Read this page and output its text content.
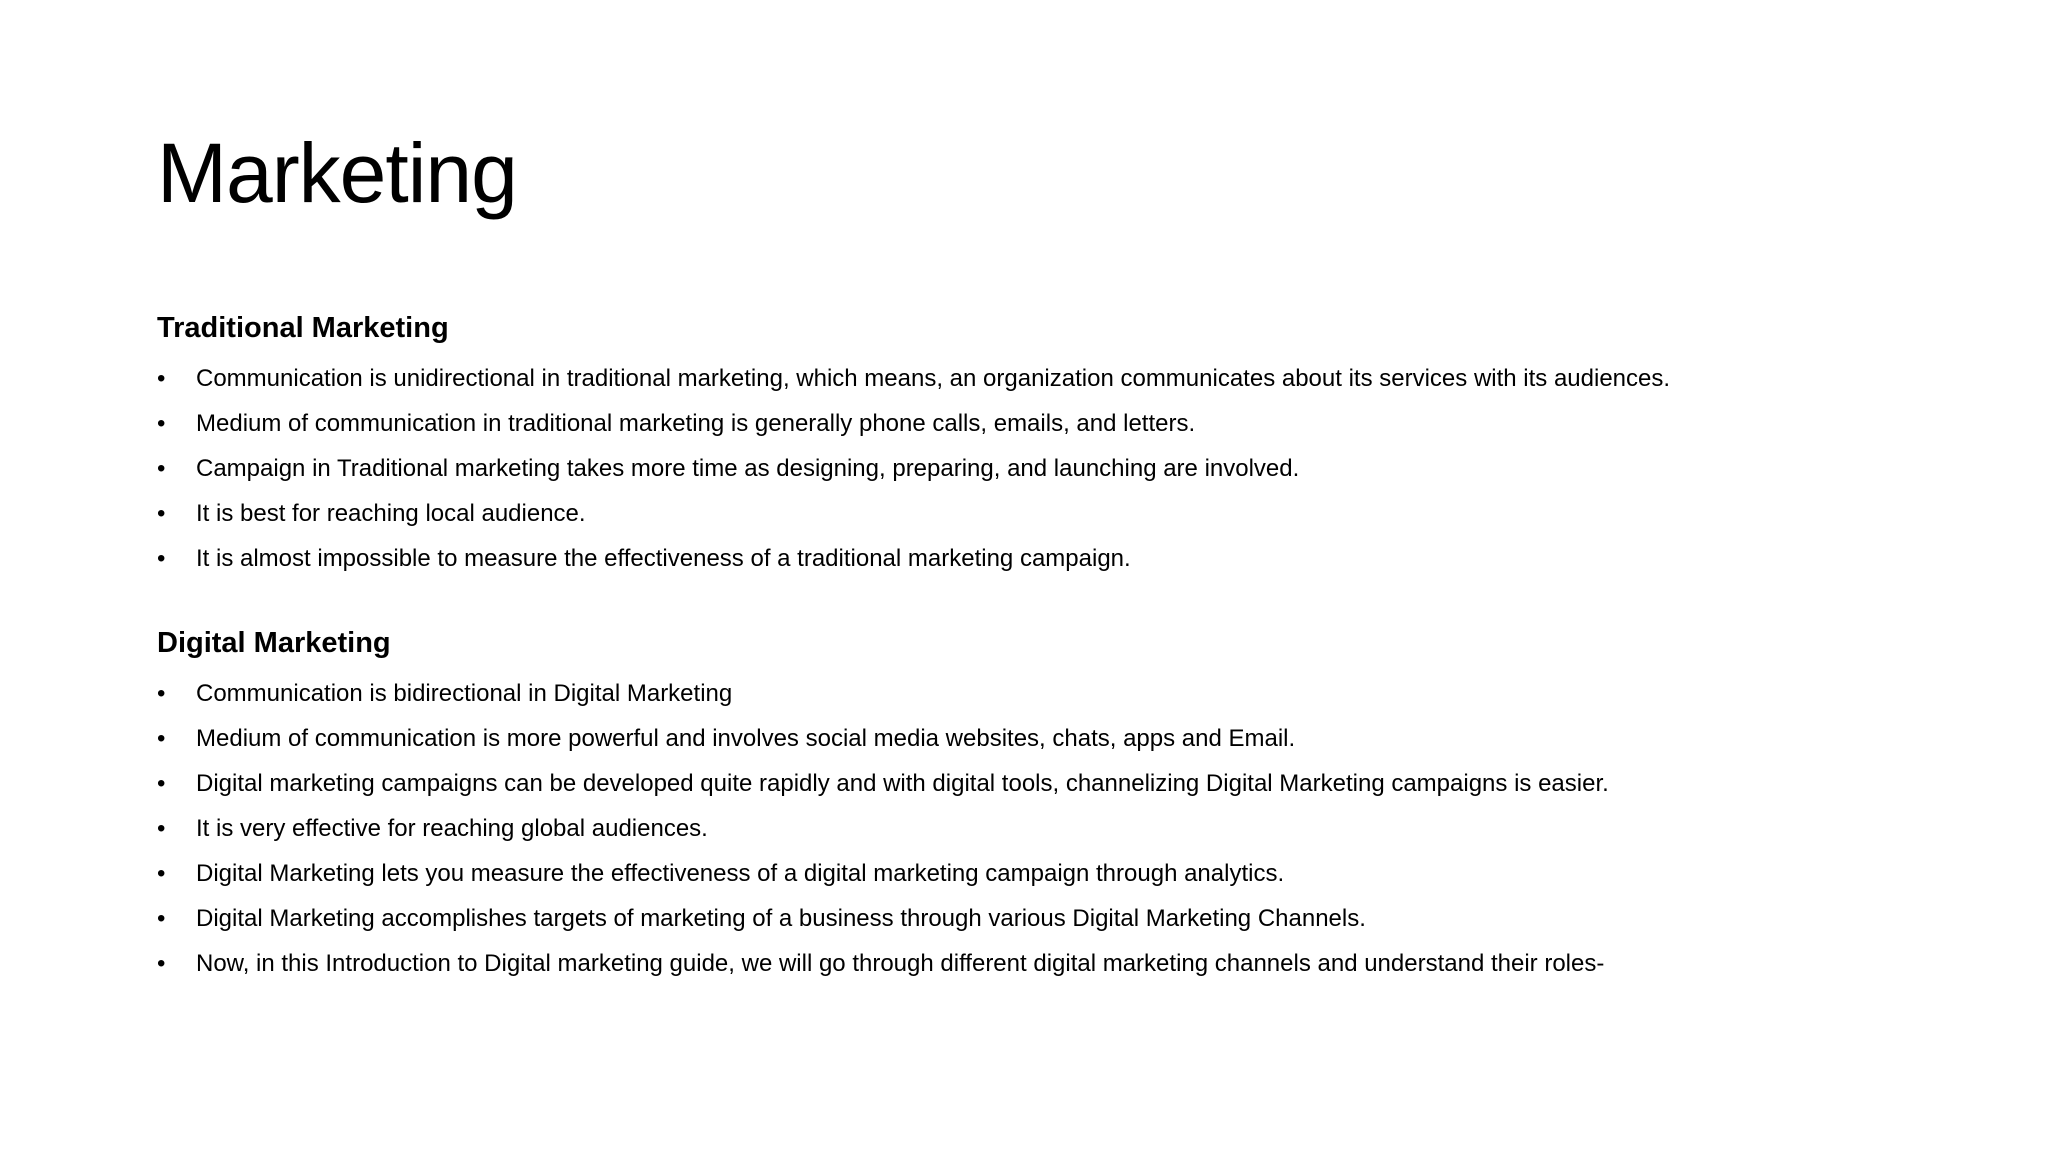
Marketing
Traditional Marketing
•	Communication is unidirectional in traditional marketing, which means, an organization communicates about its services with its audiences.
•	Medium of communication in traditional marketing is generally phone calls, emails, and letters.
•	Campaign in Traditional marketing takes more time as designing, preparing, and launching are involved.
•	It is best for reaching local audience.
•	It is almost impossible to measure the effectiveness of a traditional marketing campaign.
Digital Marketing
•	Communication is bidirectional in Digital Marketing
•	Medium of communication is more powerful and involves social media websites, chats, apps and Email.
•	Digital marketing campaigns can be developed quite rapidly and with digital tools, channelizing Digital Marketing campaigns is easier.
•	It is very effective for reaching global audiences.
•	Digital Marketing lets you measure the effectiveness of a digital marketing campaign through analytics.
•	Digital Marketing accomplishes targets of marketing of a business through various Digital Marketing Channels.
•	Now, in this Introduction to Digital marketing guide, we will go through different digital marketing channels and understand their roles-
